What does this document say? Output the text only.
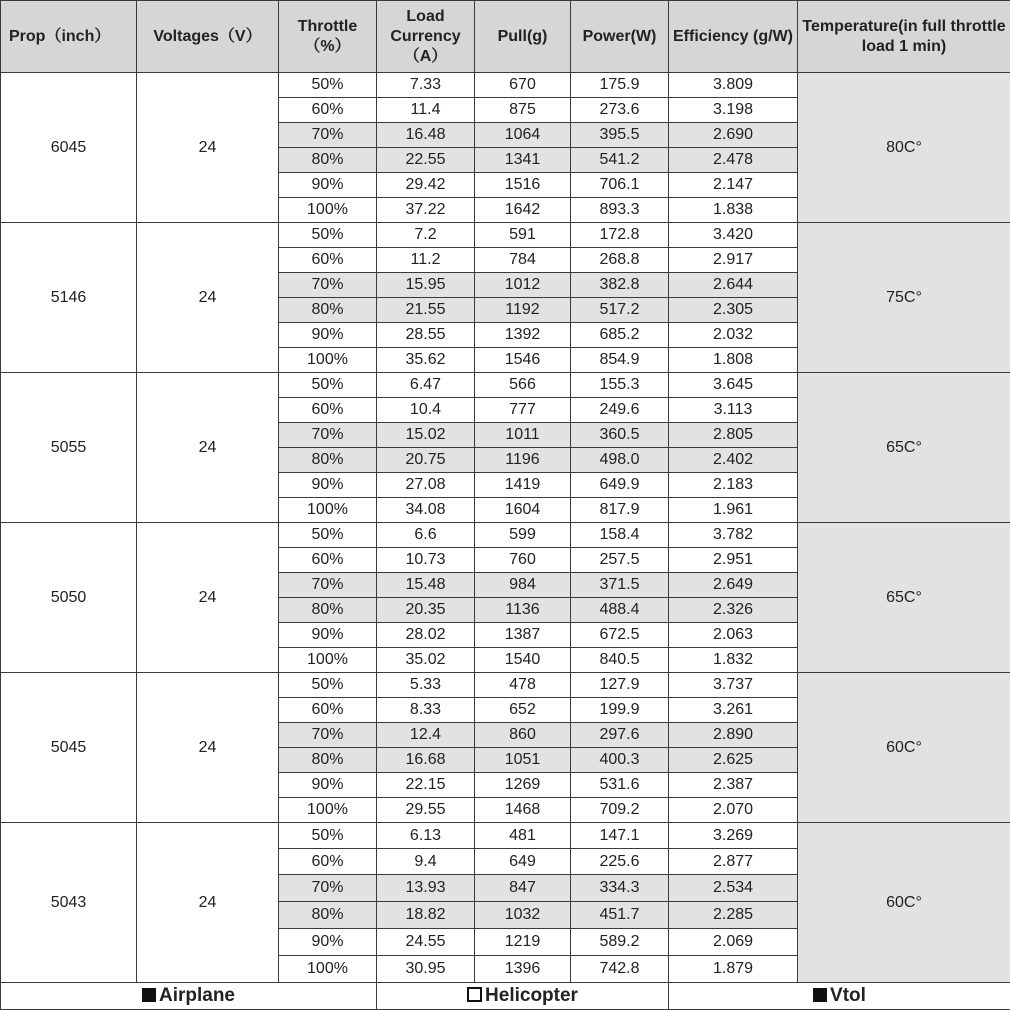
Prop（inch）	Voltages（V）	Throttle（%）	Load Currency（A）	Pull(g)	Power(W)	Efficiency (g/W)	Temperature(in full throttle load 1 min)
6045	24	50%	7.33	670	175.9	3.809	80C°
		60%	11.4	875	273.6	3.198	
		70%	16.48	1064	395.5	2.690	
		80%	22.55	1341	541.2	2.478	
		90%	29.42	1516	706.1	2.147	
		100%	37.22	1642	893.3	1.838	
5146	24	50%	7.2	591	172.8	3.420	75C°
		60%	11.2	784	268.8	2.917	
		70%	15.95	1012	382.8	2.644	
		80%	21.55	1192	517.2	2.305	
		90%	28.55	1392	685.2	2.032	
		100%	35.62	1546	854.9	1.808	
5055	24	50%	6.47	566	155.3	3.645	65C°
		60%	10.4	777	249.6	3.113	
		70%	15.02	1011	360.5	2.805	
		80%	20.75	1196	498.0	2.402	
		90%	27.08	1419	649.9	2.183	
		100%	34.08	1604	817.9	1.961	
5050	24	50%	6.6	599	158.4	3.782	65C°
		60%	10.73	760	257.5	2.951	
		70%	15.48	984	371.5	2.649	
		80%	20.35	1136	488.4	2.326	
		90%	28.02	1387	672.5	2.063	
		100%	35.02	1540	840.5	1.832	
5045	24	50%	5.33	478	127.9	3.737	60C°
		60%	8.33	652	199.9	3.261	
		70%	12.4	860	297.6	2.890	
		80%	16.68	1051	400.3	2.625	
		90%	22.15	1269	531.6	2.387	
		100%	29.55	1468	709.2	2.070	
5043	24	50%	6.13	481	147.1	3.269	60C°
		60%	9.4	649	225.6	2.877	
		70%	13.93	847	334.3	2.534	
		80%	18.82	1032	451.7	2.285	
		90%	24.55	1219	589.2	2.069	
		100%	30.95	1396	742.8	1.879	
Airplane			Helicopter			Vtol	
